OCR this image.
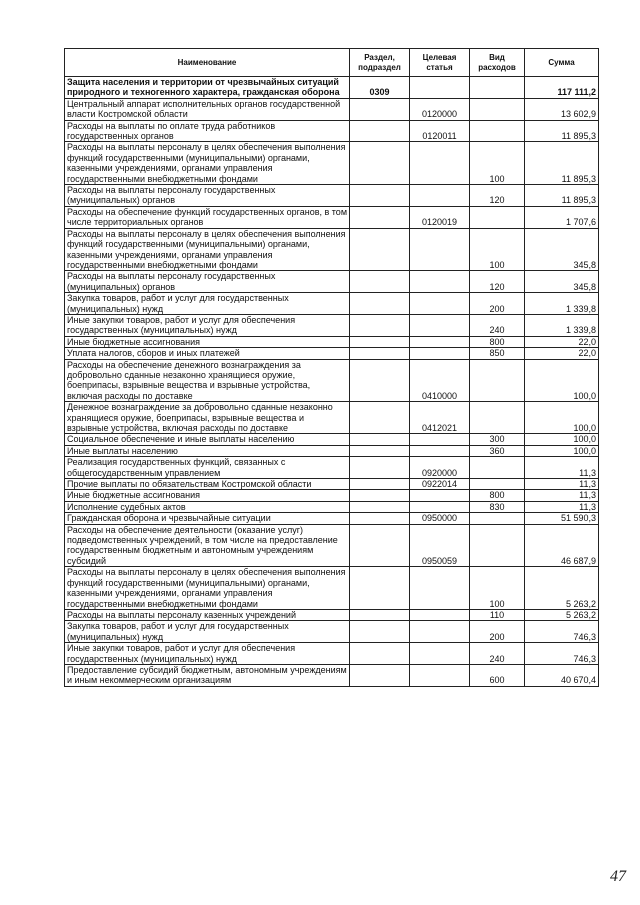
Наименование	Раздел, подраздел	Целевая статья	Вид расходов	Сумма
Защита населения и территории от чрезвычайных ситуаций природного и техногенного характера, гражданская оборона	0309			117 111,2
Центральный аппарат исполнительных органов государственной власти Костромской области		0120000		13 602,9
Расходы на выплаты по оплате труда работников государственных органов		0120011		11 895,3
Расходы на выплаты персоналу в целях обеспечения выполнения функций государственными (муниципальными) органами, казенными учреждениями, органами управления государственными внебюджетными фондами			100	11 895,3
Расходы на выплаты персоналу государственных (муниципальных) органов			120	11 895,3
Расходы на обеспечение функций государственных органов, в том числе территориальных органов		0120019		1 707,6
Расходы на выплаты персоналу в целях обеспечения выполнения функций государственными (муниципальными) органами, казенными учреждениями, органами управления государственными внебюджетными фондами			100	345,8
Расходы на выплаты персоналу государственных (муниципальных) органов			120	345,8
Закупка товаров, работ и услуг для государственных (муниципальных) нужд			200	1 339,8
Иные закупки товаров, работ и услуг для обеспечения государственных (муниципальных) нужд			240	1 339,8
Иные бюджетные ассигнования			800	22,0
Уплата налогов, сборов и иных платежей			850	22,0
Расходы на обеспечение денежного вознаграждения за добровольно сданные незаконно хранящиеся оружие, боеприпасы, взрывные вещества и взрывные устройства, включая расходы по доставке		0410000		100,0
Денежное вознаграждение за добровольно сданные незаконно хранящиеся оружие, боеприпасы, взрывные вещества и взрывные устройства, включая расходы по доставке		0412021		100,0
Социальное обеспечение и иные выплаты населению			300	100,0
Иные выплаты населению			360	100,0
Реализация государственных функций, связанных с общегосударственным управлением		0920000		11,3
Прочие выплаты по обязательствам Костромской области		0922014		11,3
Иные бюджетные ассигнования			800	11,3
Исполнение судебных актов			830	11,3
Гражданская оборона и чрезвычайные ситуации		0950000		51 590,3
Расходы на обеспечение деятельности (оказание услуг) подведомственных учреждений, в том числе на предоставление государственным бюджетным и автономным учреждениям субсидий		0950059		46 687,9
Расходы на выплаты персоналу в целях обеспечения выполнения функций государственными (муниципальными) органами, казенными учреждениями, органами управления государственными внебюджетными фондами			100	5 263,2
Расходы на выплаты персоналу казенных учреждений			110	5 263,2
Закупка товаров, работ и услуг для государственных (муниципальных) нужд			200	746,3
Иные закупки товаров, работ и услуг для обеспечения государственных (муниципальных) нужд			240	746,3
Предоставление субсидий бюджетным, автономным учреждениям и иным некоммерческим организациям			600	40 670,4
47
